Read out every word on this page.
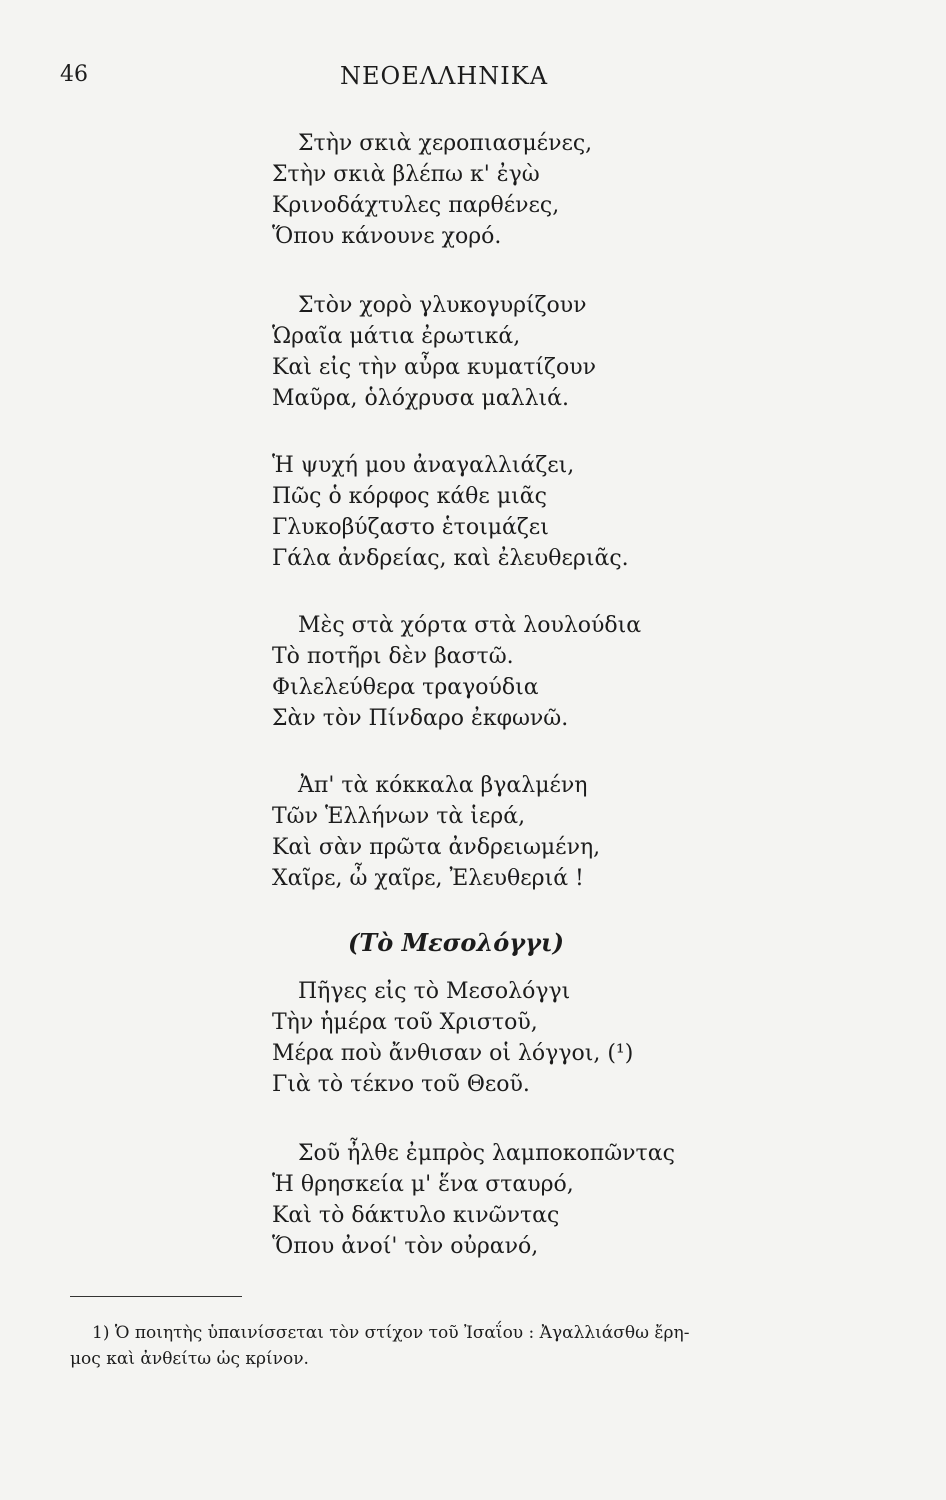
46	ΝΕΟΕΛΛΗΝΙΚΑ
Στὴν σκιὰ χεροπιασμένες,
Στὴν σκιὰ βλέπω κ' ἐγὼ
Κρινοδάχτυλες παρθένες,
Ὅπου κάνουνε χορό.
Στὸν χορὸ γλυκογυρίζουν
Ὡραῖα μάτια ἐρωτικά,
Καὶ εἰς τὴν αὖρα κυματίζουν
Μαῦρα, ὁλόχρυσα μαλλιά.
Ἡ ψυχή μου ἀναγαλλιάζει,
Πῶς ὁ κόρφος κάθε μιᾶς
Γλυκοβύζαστο ἑτοιμάζει
Γάλα ἀνδρείας, καὶ ἐλευθεριᾶς.
Μὲς στὰ χόρτα στὰ λουλούδια
Τὸ ποτῆρι δὲν βαστῶ.
Φιλελεύθερα τραγούδια
Σὰν τὸν Πίνδαρο ἐκφωνῶ.
Ἀπ' τὰ κόκκαλα βγαλμένη
Τῶν Ἑλλήνων τὰ ἱερά,
Καὶ σὰν πρῶτα ἀνδρειωμένη,
Χαῖρε, ὦ χαῖρε, Ἐλευθεριά !
(Τὸ Μεσολόγγι)
Πῆγες εἰς τὸ Μεσολόγγι
Τὴν ἡμέρα τοῦ Χριστοῦ,
Μέρα ποὺ ἄνθισαν οἱ λόγγοι, (¹)
Γιὰ τὸ τέκνο τοῦ Θεοῦ.
Σοῦ ἦλθε ἐμπρὸς λαμποκοπῶντας
Ἡ θρησκεία μ' ἕνα σταυρό,
Καὶ τὸ δάκτυλο κινῶντας
Ὅπου ἀνοί' τὸν οὐρανό,
1) Ὁ ποιητὴς ὑπαινίσσεται τὸν στίχον τοῦ Ἰσαΐου : Ἀγαλλιάσθω ἔρη-
μος καὶ ἀνθείτω ὡς κρίνον.
